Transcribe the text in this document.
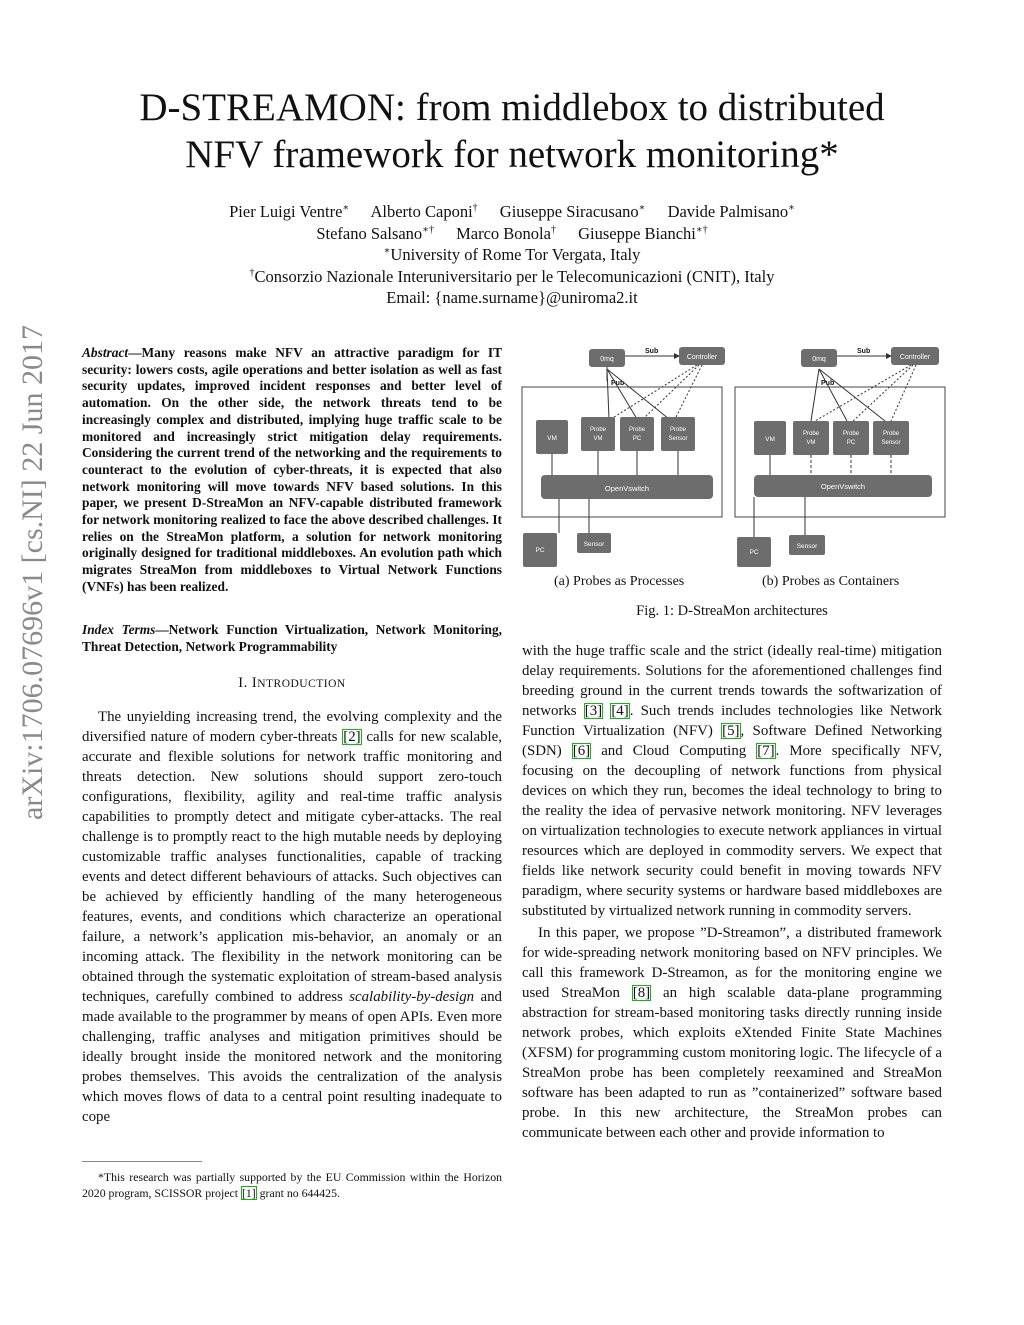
D-STREAMON: from middlebox to distributed
NFV framework for network monitoring*
Pier Luigi Ventre∗ Alberto Caponi† Giuseppe Siracusano∗ Davide Palmisano∗
Stefano Salsano∗† Marco Bonola† Giuseppe Bianchi∗†
∗University of Rome Tor Vergata, Italy
†Consorzio Nazionale Interuniversitario per le Telecomunicazioni (CNIT), Italy
Email: {name.surname}@uniroma2.it
arXiv:1706.07696v1 [cs.NI] 22 Jun 2017 Abstract—Many reasons make NFV an attractive paradigm for IT security: lowers costs, agile operations and better isolation as well as fast security updates, improved incident responses and better level of automation. On the other side, the network threats tend to be increasingly complex and distributed, implying huge traffic scale to be monitored and increasingly strict mitigation delay requirements. Considering the current trend of the networking and the requirements to counteract to the evolution of cyber-threats, it is expected that also network monitoring will move towards NFV based solutions. In this paper, we present D-StreaMon an NFV-capable distributed framework for network monitoring realized to face the above described challenges. It relies on the StreaMon platform, a solution for network monitoring originally designed for traditional middleboxes. An evolution path which migrates StreaMon from middleboxes to Virtual Network Functions (VNFs) has been realized.
Index Terms—Network Function Virtualization, Network Monitoring, Threat Detection, Network Programmability
I. INTRODUCTION

The unyielding increasing trend, the evolving complexity and the diversified nature of modern cyber-threats [2] calls for new scalable, accurate and flexible solutions for network traffic monitoring and threats detection. New solutions should support zero-touch configurations, flexibility, agility and real-time traffic analysis capabilities to promptly detect and mitigate cyber-attacks. The real challenge is to promptly react to the high mutable needs by deploying customizable traffic analyses functionalities, capable of tracking events and detect different behaviours of attacks. Such objectives can be achieved by efficiently handling of the many heterogeneous features, events, and conditions which characterize an operational failure, a network’s application mis-behavior, an anomaly or an incoming attack. The flexibility in the network monitoring can be obtained through the systematic exploitation of stream-based analysis techniques, carefully combined to address scalability-by-design and made available to the programmer by means of open APIs. Even more challenging, traffic analyses and mitigation primitives should be ideally brought inside the monitored network and the monitoring probes themselves. This avoids the centralization of the analysis which moves flows of data to a central point resulting inadequate to cope

*This research was partially supported by the EU Commission within the Horizon 2020 program, SCISSOR project [1] grant no 644425.
0mq	Controller
Sub
Pub
VM
Probe
VM
Probe
PC
Probe
Sensor
OpenVswitch
PC
Sensor
0mq	Controller
Sub
Pub
VM
Probe
VM
Probe
PC
Probe
Sensor
OpenVswitch
PC
Sensor
(a) Probes as Processes	(b) Probes as Containers
Fig. 1: D-StreaMon architectures

with the huge traffic scale and the strict (ideally real-time) mitigation delay requirements. Solutions for the aforementioned challenges find breeding ground in the current trends towards the softwarization of networks [3] [4]. Such trends includes technologies like Network Function Virtualization (NFV) [5], Software Defined Networking (SDN) [6] and Cloud Computing [7]. More specifically NFV, focusing on the decoupling of network functions from physical devices on which they run, becomes the ideal technology to bring to the reality the idea of pervasive network monitoring. NFV leverages on virtualization technologies to execute network appliances in virtual resources which are deployed in commodity servers. We expect that fields like network security could benefit in moving towards NFV paradigm, where security systems or hardware based middleboxes are substituted by virtualized network running in commodity servers.

In this paper, we propose ”D-Streamon”, a distributed framework for wide-spreading network monitoring based on NFV principles. We call this framework D-Streamon, as for the monitoring engine we used StreaMon [8] an high scalable data-plane programming abstraction for stream-based monitoring tasks directly running inside network probes, which exploits eXtended Finite State Machines (XFSM) for programming custom monitoring logic. The lifecycle of a StreaMon probe has been completely reexamined and StreaMon software has been adapted to run as ”containerized” software based probe. In this new architecture, the StreaMon probes can communicate between each other and provide information to
